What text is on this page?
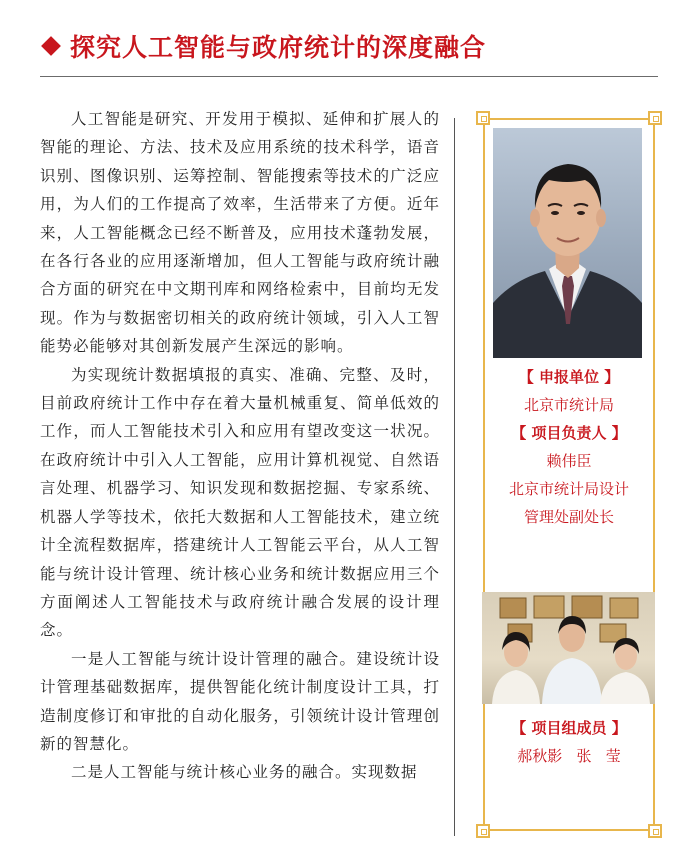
探究人工智能与政府统计的深度融合

人工智能是研究、开发用于模拟、延伸和扩展人的智能的理论、方法、技术及应用系统的技术科学，语音识别、图像识别、运筹控制、智能搜索等技术的广泛应用，为人们的工作提高了效率，生活带来了方便。近年来，人工智能概念已经不断普及，应用技术蓬勃发展，在各行各业的应用逐渐增加，但人工智能与政府统计融合方面的研究在中文期刊库和网络检索中，目前均无发现。作为与数据密切相关的政府统计领域，引入人工智能势必能够对其创新发展产生深远的影响。

为实现统计数据填报的真实、准确、完整、及时，目前政府统计工作中存在着大量机械重复、简单低效的工作，而人工智能技术引入和应用有望改变这一状况。在政府统计中引入人工智能，应用计算机视觉、自然语言处理、机器学习、知识发现和数据挖掘、专家系统、机器人学等技术，依托大数据和人工智能技术，建立统计全流程数据库，搭建统计人工智能云平台，从人工智能与统计设计管理、统计核心业务和统计数据应用三个方面阐述人工智能技术与政府统计融合发展的设计理念。

一是人工智能与统计设计管理的融合。建设统计设计管理基础数据库，提供智能化统计制度设计工具，打造制度修订和审批的自动化服务，引领统计设计管理创新的智慧化。

二是人工智能与统计核心业务的融合。实现数据

【 申报单位 】
北京市统计局
【 项目负责人 】
赖伟臣
北京市统计局设计
管理处副处长
【 项目组成员 】
郝秋影   张   莹
